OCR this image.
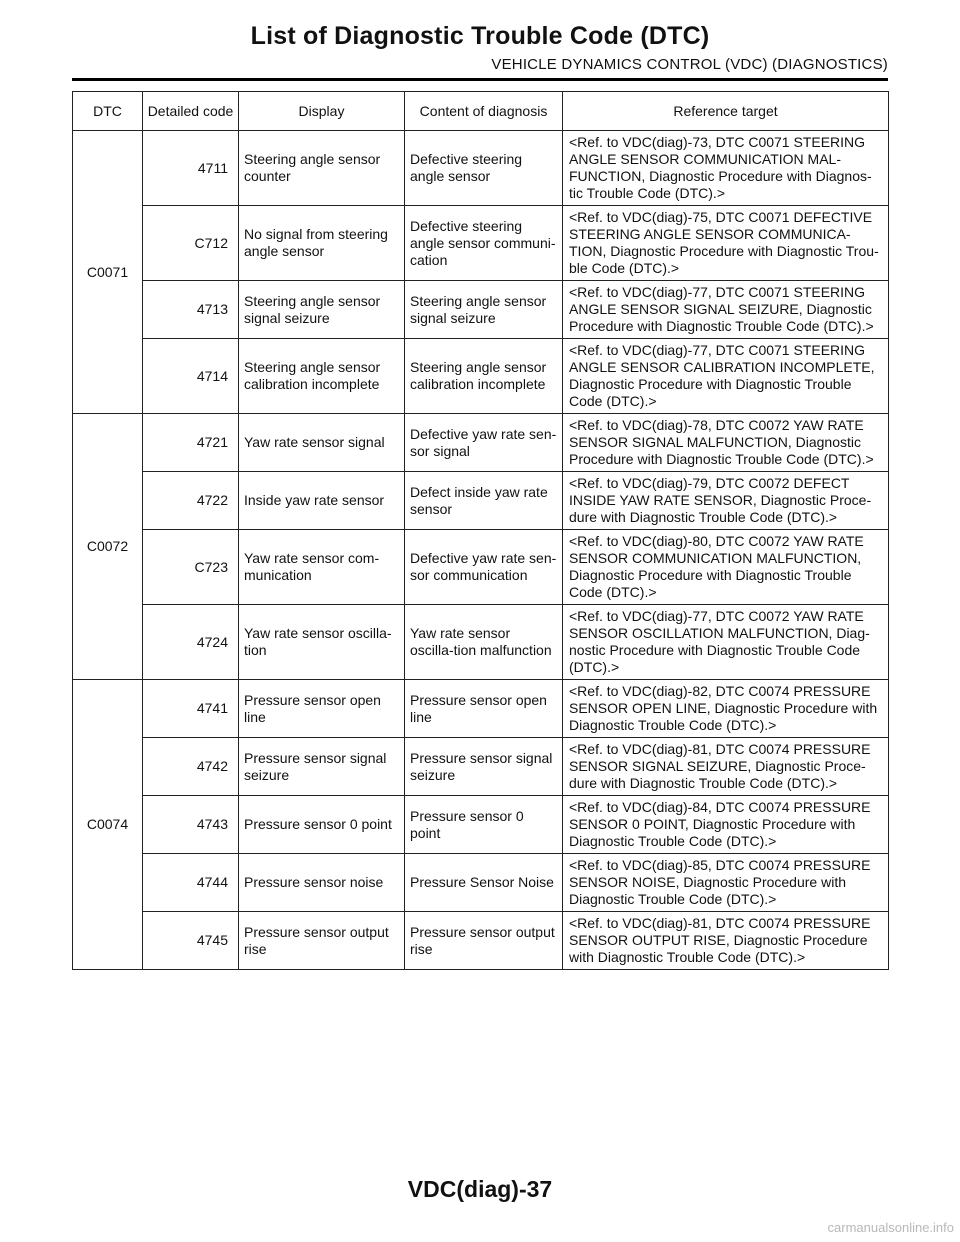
List of Diagnostic Trouble Code (DTC)
VEHICLE DYNAMICS CONTROL (VDC) (DIAGNOSTICS)
DTC	Detailed code	Display	Content of diagnosis	Reference target
C0071	4711	Steering angle sensor counter	Defective steering angle sensor	<Ref. to VDC(diag)-73, DTC C0071 STEERING ANGLE SENSOR COMMUNICATION MAL-FUNCTION, Diagnostic Procedure with Diagnos-tic Trouble Code (DTC).>
	C712	No signal from steering angle sensor	Defective steering angle sensor communi-cation	<Ref. to VDC(diag)-75, DTC C0071 DEFECTIVE STEERING ANGLE SENSOR COMMUNICA-TION, Diagnostic Procedure with Diagnostic Trou-ble Code (DTC).>
	4713	Steering angle sensor signal seizure	Steering angle sensor signal seizure	<Ref. to VDC(diag)-77, DTC C0071 STEERING ANGLE SENSOR SIGNAL SEIZURE, Diagnostic Procedure with Diagnostic Trouble Code (DTC).>
	4714	Steering angle sensor calibration incomplete	Steering angle sensor calibration incomplete	<Ref. to VDC(diag)-77, DTC C0071 STEERING ANGLE SENSOR CALIBRATION INCOMPLETE, Diagnostic Procedure with Diagnostic Trouble Code (DTC).>
C0072	4721	Yaw rate sensor signal	Defective yaw rate sen-sor signal	<Ref. to VDC(diag)-78, DTC C0072 YAW RATE SENSOR SIGNAL MALFUNCTION, Diagnostic Procedure with Diagnostic Trouble Code (DTC).>
	4722	Inside yaw rate sensor	Defect inside yaw rate sensor	<Ref. to VDC(diag)-79, DTC C0072 DEFECT INSIDE YAW RATE SENSOR, Diagnostic Proce-dure with Diagnostic Trouble Code (DTC).>
	C723	Yaw rate sensor com-munication	Defective yaw rate sen-sor communication	<Ref. to VDC(diag)-80, DTC C0072 YAW RATE SENSOR COMMUNICATION MALFUNCTION, Diagnostic Procedure with Diagnostic Trouble Code (DTC).>
	4724	Yaw rate sensor oscilla-tion	Yaw rate sensor oscilla-tion malfunction	<Ref. to VDC(diag)-77, DTC C0072 YAW RATE SENSOR OSCILLATION MALFUNCTION, Diag-nostic Procedure with Diagnostic Trouble Code (DTC).>
C0074	4741	Pressure sensor open line	Pressure sensor open line	<Ref. to VDC(diag)-82, DTC C0074 PRESSURE SENSOR OPEN LINE, Diagnostic Procedure with Diagnostic Trouble Code (DTC).>
	4742	Pressure sensor signal seizure	Pressure sensor signal seizure	<Ref. to VDC(diag)-81, DTC C0074 PRESSURE SENSOR SIGNAL SEIZURE, Diagnostic Proce-dure with Diagnostic Trouble Code (DTC).>
	4743	Pressure sensor 0 point	Pressure sensor 0 point	<Ref. to VDC(diag)-84, DTC C0074 PRESSURE SENSOR 0 POINT, Diagnostic Procedure with Diagnostic Trouble Code (DTC).>
	4744	Pressure sensor noise	Pressure Sensor Noise	<Ref. to VDC(diag)-85, DTC C0074 PRESSURE SENSOR NOISE, Diagnostic Procedure with Diagnostic Trouble Code (DTC).>
	4745	Pressure sensor output rise	Pressure sensor output rise	<Ref. to VDC(diag)-81, DTC C0074 PRESSURE SENSOR OUTPUT RISE, Diagnostic Procedure with Diagnostic Trouble Code (DTC).>
VDC(diag)-37
carmanualsonline.info
